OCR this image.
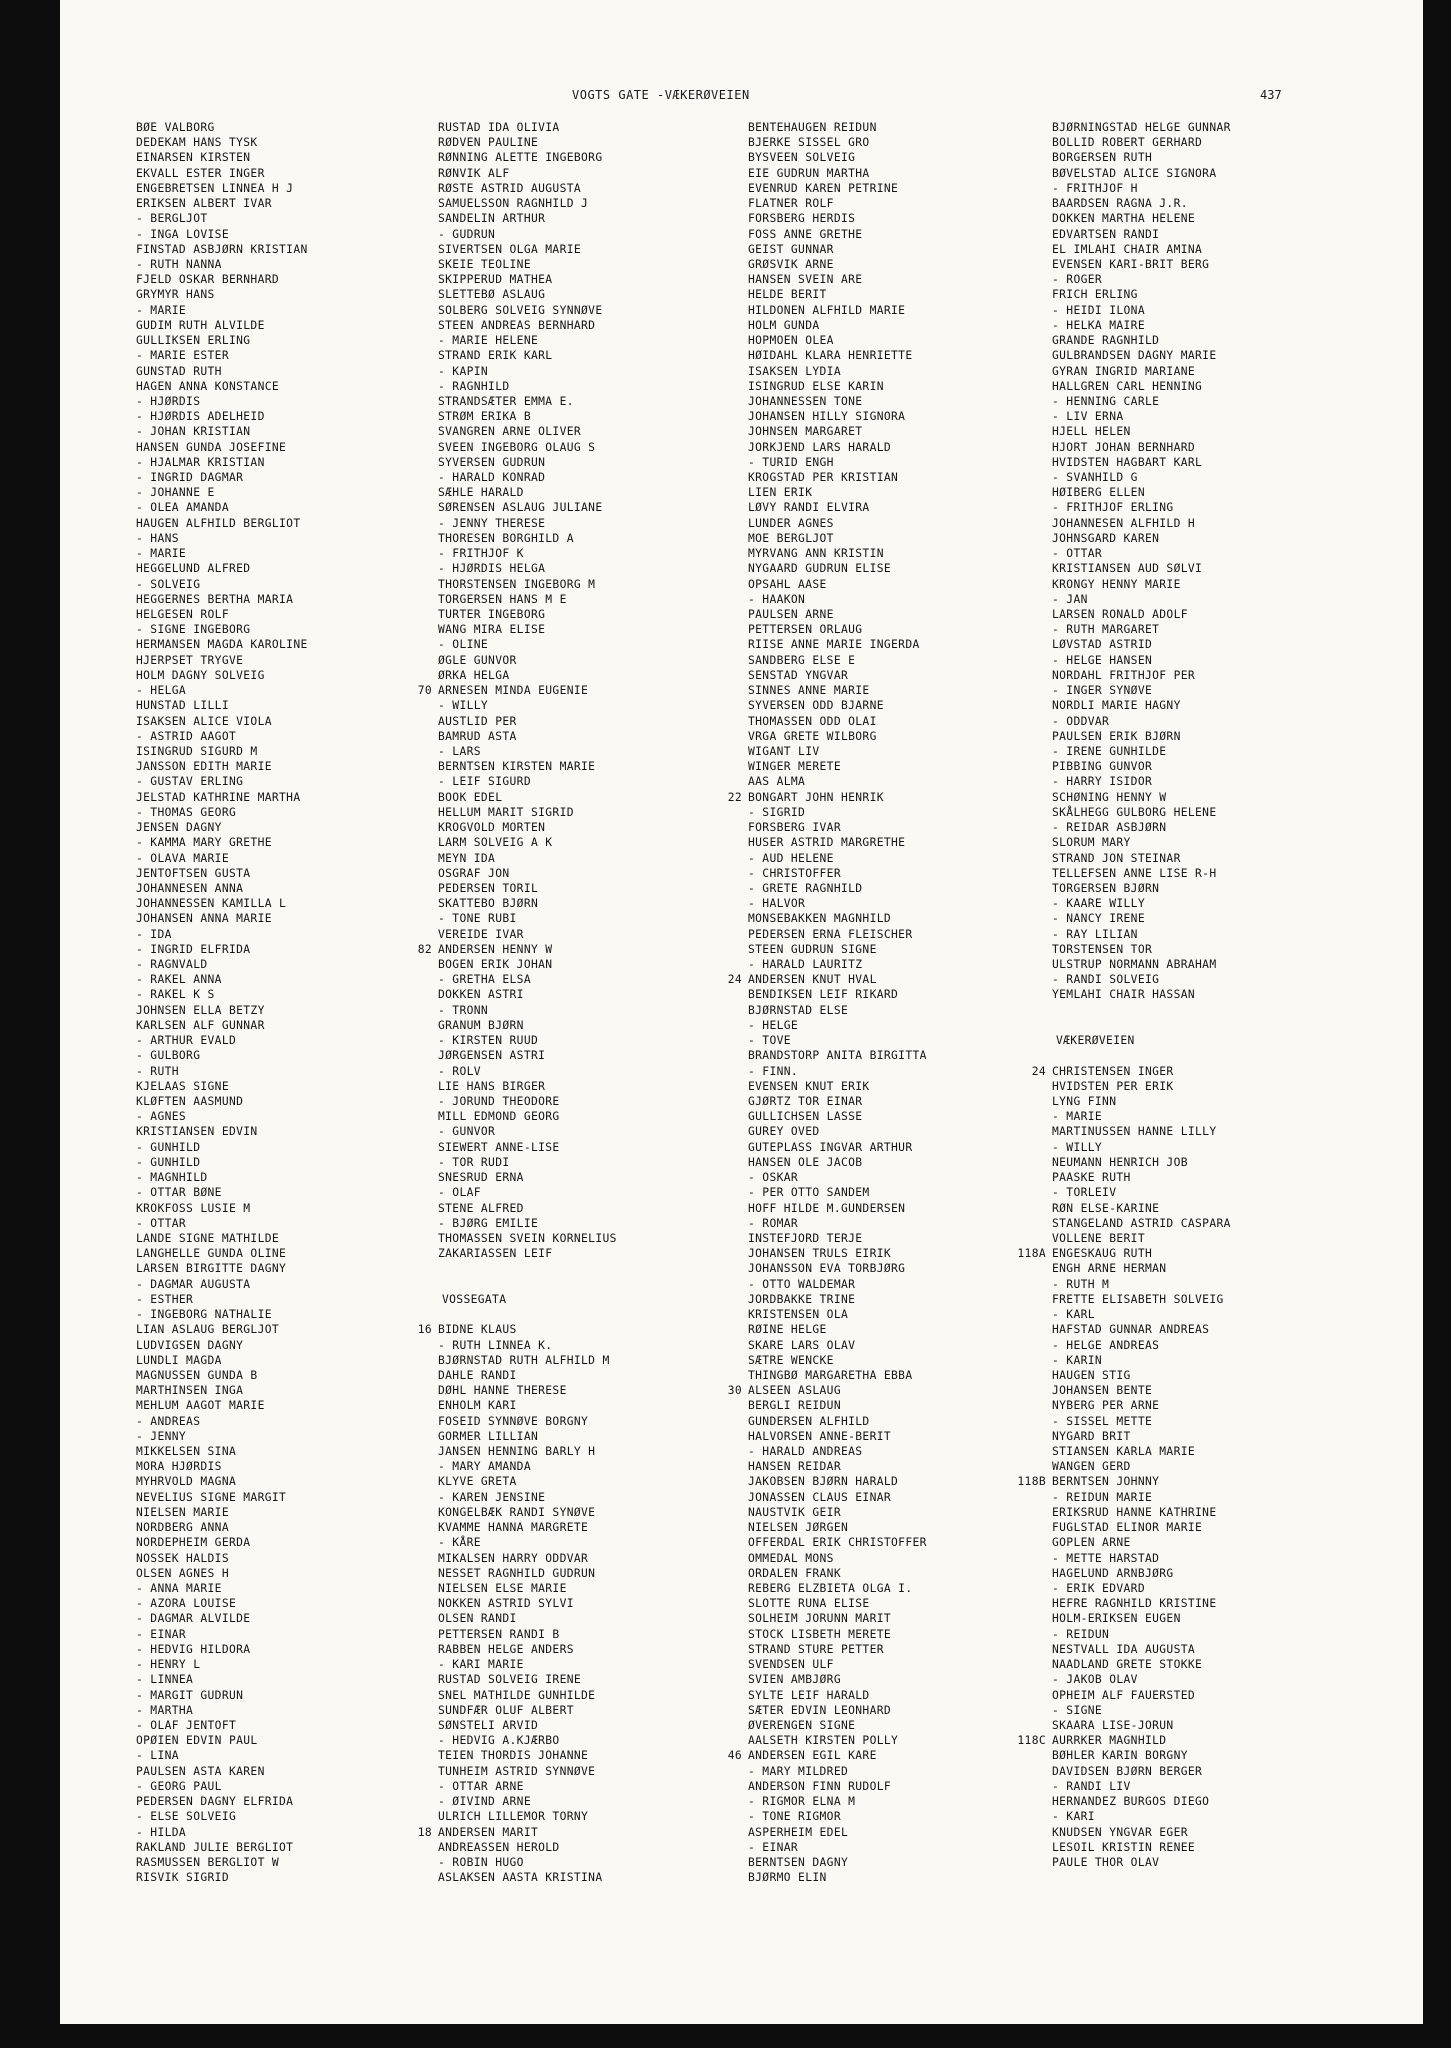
VOGTS GATE -VÆKERØVEIEN	437
BØE VALBORG
DEDEKAM HANS TYSK
EINARSEN KIRSTEN
EKVALL ESTER INGER
ENGEBRETSEN LINNEA H J
ERIKSEN ALBERT IVAR
- BERGLJOT
- INGA LOVISE
FINSTAD ASBJØRN KRISTIAN
- RUTH NANNA
FJELD OSKAR BERNHARD
GRYMYR HANS
- MARIE
GUDIM RUTH ALVILDE
GULLIKSEN ERLING
- MARIE ESTER
GUNSTAD RUTH
HAGEN ANNA KONSTANCE
- HJØRDIS
- HJØRDIS ADELHEID
- JOHAN KRISTIAN
HANSEN GUNDA JOSEFINE
- HJALMAR KRISTIAN
- INGRID DAGMAR
- JOHANNE E
- OLEA AMANDA
HAUGEN ALFHILD BERGLIOT
- HANS
- MARIE
HEGGELUND ALFRED
- SOLVEIG
HEGGERNES BERTHA MARIA
HELGESEN ROLF
- SIGNE INGEBORG
HERMANSEN MAGDA KAROLINE
HJERPSET TRYGVE
HOLM DAGNY SOLVEIG
- HELGA
HUNSTAD LILLI
ISAKSEN ALICE VIOLA
- ASTRID AAGOT
ISINGRUD SIGURD M
JANSSON EDITH MARIE
- GUSTAV ERLING
JELSTAD KATHRINE MARTHA
- THOMAS GEORG
JENSEN DAGNY
- KAMMA MARY GRETHE
- OLAVA MARIE
JENTOFTSEN GUSTA
JOHANNESEN ANNA
JOHANNESSEN KAMILLA L
JOHANSEN ANNA MARIE
- IDA
- INGRID ELFRIDA
- RAGNVALD
- RAKEL ANNA
- RAKEL K S
JOHNSEN ELLA BETZY
KARLSEN ALF GUNNAR
- ARTHUR EVALD
- GULBORG
- RUTH
KJELAAS SIGNE
KLØFTEN AASMUND
- AGNES
KRISTIANSEN EDVIN
- GUNHILD
- GUNHILD
- MAGNHILD
- OTTAR BØNE
KROKFOSS LUSIE M
- OTTAR
LANDE SIGNE MATHILDE
LANGHELLE GUNDA OLINE
LARSEN BIRGITTE DAGNY
- DAGMAR AUGUSTA
- ESTHER
- INGEBORG NATHALIE
LIAN ASLAUG BERGLJOT
LUDVIGSEN DAGNY
LUNDLI MAGDA
MAGNUSSEN GUNDA B
MARTHINSEN INGA
MEHLUM AAGOT MARIE
- ANDREAS
- JENNY
MIKKELSEN SINA
MORA HJØRDIS
MYHRVOLD MAGNA
NEVELIUS SIGNE MARGIT
NIELSEN MARIE
NORDBERG ANNA
NORDEPHEIM GERDA
NOSSEK HALDIS
OLSEN AGNES H
- ANNA MARIE
- AZORA LOUISE
- DAGMAR ALVILDE
- EINAR
- HEDVIG HILDORA
- HENRY L
- LINNEA
- MARGIT GUDRUN
- MARTHA
- OLAF JENTOFT
OPØIEN EDVIN PAUL
- LINA
PAULSEN ASTA KAREN
- GEORG PAUL
PEDERSEN DAGNY ELFRIDA
- ELSE SOLVEIG
- HILDA
RAKLAND JULIE BERGLIOT
RASMUSSEN BERGLIOT W
RISVIK SIGRID
RUSTAD IDA OLIVIA
RØDVEN PAULINE
RØNNING ALETTE INGEBORG
RØNVIK ALF
RØSTE ASTRID AUGUSTA
SAMUELSSON RAGNHILD J
SANDELIN ARTHUR
- GUDRUN
SIVERTSEN OLGA MARIE
SKEIE TEOLINE
SKIPPERUD MATHEA
SLETTEBØ ASLAUG
SOLBERG SOLVEIG SYNNØVE
STEEN ANDREAS BERNHARD
- MARIE HELENE
STRAND ERIK KARL
- KAPIN
- RAGNHILD
STRANDSÆTER EMMA E.
STRØM ERIKA B
SVANGREN ARNE OLIVER
SVEEN INGEBORG OLAUG S
SYVERSEN GUDRUN
- HARALD KONRAD
SÆHLE HARALD
SØRENSEN ASLAUG JULIANE
- JENNY THERESE
THORESEN BORGHILD A
- FRITHJOF K
- HJØRDIS HELGA
THORSTENSEN INGEBORG M
TORGERSEN HANS M E
TURTER INGEBORG
WANG MIRA ELISE
- OLINE
ØGLE GUNVOR
ØRKA HELGA
70 ARNESEN MINDA EUGENIE
- WILLY
AUSTLID PER
BAMRUD ASTA
- LARS
BERNTSEN KIRSTEN MARIE
- LEIF SIGURD
BOOK EDEL
HELLUM MARIT SIGRID
KROGVOLD MORTEN
LARM SOLVEIG A K
MEYN IDA
OSGRAF JON
PEDERSEN TORIL
SKATTEBO BJØRN
- TONE RUBI
VEREIDE IVAR
82 ANDERSEN HENNY W
BOGEN ERIK JOHAN
- GRETHA ELSA
DOKKEN ASTRI
- TRONN
GRANUM BJØRN
- KIRSTEN RUUD
JØRGENSEN ASTRI
- ROLV
LIE HANS BIRGER
- JORUND THEODORE
MILL EDMOND GEORG
- GUNVOR
SIEWERT ANNE-LISE
- TOR RUDI
SNESRUD ERNA
- OLAF
STENE ALFRED
- BJØRG EMILIE
THOMASSEN SVEIN KORNELIUS
ZAKARIASSEN LEIF
VOSSEGATA
16 BIDNE KLAUS
- RUTH LINNEA K.
BJØRNSTAD RUTH ALFHILD M
DAHLE RANDI
DØHL HANNE THERESE
ENHOLM KARI
FOSEID SYNNØVE BORGNY
GORMER LILLIAN
JANSEN HENNING BARLY H
- MARY AMANDA
KLYVE GRETA
- KAREN JENSINE
KONGELBÆK RANDI SYNØVE
KVAMME HANNA MARGRETE
- KÅRE
MIKALSEN HARRY ODDVAR
NESSET RAGNHILD GUDRUN
NIELSEN ELSE MARIE
NOKKEN ASTRID SYLVI
OLSEN RANDI
PETTERSEN RANDI B
RABBEN HELGE ANDERS
- KARI MARIE
RUSTAD SOLVEIG IRENE
SNEL MATHILDE GUNHILDE
SUNDFÆR OLUF ALBERT
SØNSTELI ARVID
- HEDVIG A.KJÆRBO
TEIEN THORDIS JOHANNE
TUNHEIM ASTRID SYNNØVE
- OTTAR ARNE
- ØIVIND ARNE
ULRICH LILLEMOR TORNY
18 ANDERSEN MARIT
ANDREASSEN HEROLD
- ROBIN HUGO
ASLAKSEN AASTA KRISTINA
BENTEHAUGEN REIDUN
BJERKE SISSEL GRO
BYSVEEN SOLVEIG
EIE GUDRUN MARTHA
EVENRUD KAREN PETRINE
FLATNER ROLF
FORSBERG HERDIS
FOSS ANNE GRETHE
GEIST GUNNAR
GRØSVIK ARNE
HANSEN SVEIN ARE
HELDE BERIT
HILDONEN ALFHILD MARIE
HOLM GUNDA
HOPMOEN OLEA
HØIDAHL KLARA HENRIETTE
ISAKSEN LYDIA
ISINGRUD ELSE KARIN
JOHANNESSEN TONE
JOHANSEN HILLY SIGNORA
JOHNSEN MARGARET
JORKJEND LARS HARALD
- TURID ENGH
KROGSTAD PER KRISTIAN
LIEN ERIK
LØVY RANDI ELVIRA
LUNDER AGNES
MOE BERGLJOT
MYRVANG ANN KRISTIN
NYGAARD GUDRUN ELISE
OPSAHL AASE
- HAAKON
PAULSEN ARNE
PETTERSEN ORLAUG
RIISE ANNE MARIE INGERDA
SANDBERG ELSE E
SENSTAD YNGVAR
SINNES ANNE MARIE
SYVERSEN ODD BJARNE
THOMASSEN ODD OLAI
VRGA GRETE WILBORG
WIGANT LIV
WINGER MERETE
AAS ALMA
22 BONGART JOHN HENRIK
- SIGRID
FORSBERG IVAR
HUSER ASTRID MARGRETHE
- AUD HELENE
- CHRISTOFFER
- GRETE RAGNHILD
- HALVOR
MONSEBAKKEN MAGNHILD
PEDERSEN ERNA FLEISCHER
STEEN GUDRUN SIGNE
- HARALD LAURITZ
24 ANDERSEN KNUT HVAL
BENDIKSEN LEIF RIKARD
BJØRNSTAD ELSE
- HELGE
- TOVE
BRANDSTORP ANITA BIRGITTA
- FINN.
EVENSEN KNUT ERIK
GJØRTZ TOR EINAR
GULLICHSEN LASSE
GUREY OVED
GUTEPLASS INGVAR ARTHUR
HANSEN OLE JACOB
- OSKAR
- PER OTTO SANDEM
HOFF HILDE M.GUNDERSEN
- ROMAR
INSTEFJORD TERJE
JOHANSEN TRULS EIRIK
JOHANSSON EVA TORBJØRG
- OTTO WALDEMAR
JORDBAKKE TRINE
KRISTENSEN OLA
RØINE HELGE
SKARE LARS OLAV
SÆTRE WENCKE
THINGBØ MARGARETHA EBBA
30 ALSEEN ASLAUG
BERGLI REIDUN
GUNDERSEN ALFHILD
HALVORSEN ANNE-BERIT
- HARALD ANDREAS
HANSEN REIDAR
JAKOBSEN BJØRN HARALD
JONASSEN CLAUS EINAR
NAUSTVIK GEIR
NIELSEN JØRGEN
OFFERDAL ERIK CHRISTOFFER
OMMEDAL MONS
ORDALEN FRANK
REBERG ELZBIETA OLGA I.
SLOTTE RUNA ELISE
SOLHEIM JORUNN MARIT
STOCK LISBETH MERETE
STRAND STURE PETTER
SVENDSEN ULF
SVIEN AMBJØRG
SYLTE LEIF HARALD
SÆTER EDVIN LEONHARD
ØVERENGEN SIGNE
AALSETH KIRSTEN POLLY
46 ANDERSEN EGIL KARE
- MARY MILDRED
ANDERSON FINN RUDOLF
- RIGMOR ELNA M
- TONE RIGMOR
ASPERHEIM EDEL
- EINAR
BERNTSEN DAGNY
BJØRMO ELIN
BJØRNINGSTAD HELGE GUNNAR
BOLLID ROBERT GERHARD
BORGERSEN RUTH
BØVELSTAD ALICE SIGNORA
- FRITHJOF H
BAARDSEN RAGNA J.R.
DOKKEN MARTHA HELENE
EDVARTSEN RANDI
EL IMLAHI CHAIR AMINA
EVENSEN KARI-BRIT BERG
- ROGER
FRICH ERLING
- HEIDI ILONA
- HELKA MAIRE
GRANDE RAGNHILD
GULBRANDSEN DAGNY MARIE
GYRAN INGRID MARIANE
HALLGREN CARL HENNING
- HENNING CARLE
- LIV ERNA
HJELL HELEN
HJORT JOHAN BERNHARD
HVIDSTEN HAGBART KARL
- SVANHILD G
HØIBERG ELLEN
- FRITHJOF ERLING
JOHANNESEN ALFHILD H
JOHNSGARD KAREN
- OTTAR
KRISTIANSEN AUD SØLVI
KRONGY HENNY MARIE
- JAN
LARSEN RONALD ADOLF
- RUTH MARGARET
LØVSTAD ASTRID
- HELGE HANSEN
NORDAHL FRITHJOF PER
- INGER SYNØVE
NORDLI MARIE HAGNY
- ODDVAR
PAULSEN ERIK BJØRN
- IRENE GUNHILDE
PIBBING GUNVOR
- HARRY ISIDOR
SCHØNING HENNY W
SKÅLHEGG GULBORG HELENE
- REIDAR ASBJØRN
SLORUM MARY
STRAND JON STEINAR
TELLEFSEN ANNE LISE R-H
TORGERSEN BJØRN
- KAARE WILLY
- NANCY IRENE
- RAY LILIAN
TORSTENSEN TOR
ULSTRUP NORMANN ABRAHAM
- RANDI SOLVEIG
YEMLAHI CHAIR HASSAN
VÆKERØVEIEN
24 CHRISTENSEN INGER
HVIDSTEN PER ERIK
LYNG FINN
- MARIE
MARTINUSSEN HANNE LILLY
- WILLY
NEUMANN HENRICH JOB
PAASKE RUTH
- TORLEIV
RØN ELSE-KARINE
STANGELAND ASTRID CASPARA
VOLLENE BERIT
118A ENGESKAUG RUTH
ENGH ARNE HERMAN
- RUTH M
FRETTE ELISABETH SOLVEIG
- KARL
HAFSTAD GUNNAR ANDREAS
- HELGE ANDREAS
- KARIN
HAUGEN STIG
JOHANSEN BENTE
NYBERG PER ARNE
- SISSEL METTE
NYGARD BRIT
STIANSEN KARLA MARIE
WANGEN GERD
118B BERNTSEN JOHNNY
- REIDUN MARIE
ERIKSRUD HANNE KATHRINE
FUGLSTAD ELINOR MARIE
GOPLEN ARNE
- METTE HARSTAD
HAGELUND ARNBJØRG
- ERIK EDVARD
HEFRE RAGNHILD KRISTINE
HOLM-ERIKSEN EUGEN
- REIDUN
NESTVALL IDA AUGUSTA
NAADLAND GRETE STOKKE
- JAKOB OLAV
OPHEIM ALF FAUERSTED
- SIGNE
SKAARA LISE-JORUN
118C AURRKER MAGNHILD
BØHLER KARIN BORGNY
DAVIDSEN BJØRN BERGER
- RANDI LIV
HERNANDEZ BURGOS DIEGO
- KARI
KNUDSEN YNGVAR EGER
LESOIL KRISTIN RENEE
PAULE THOR OLAV
